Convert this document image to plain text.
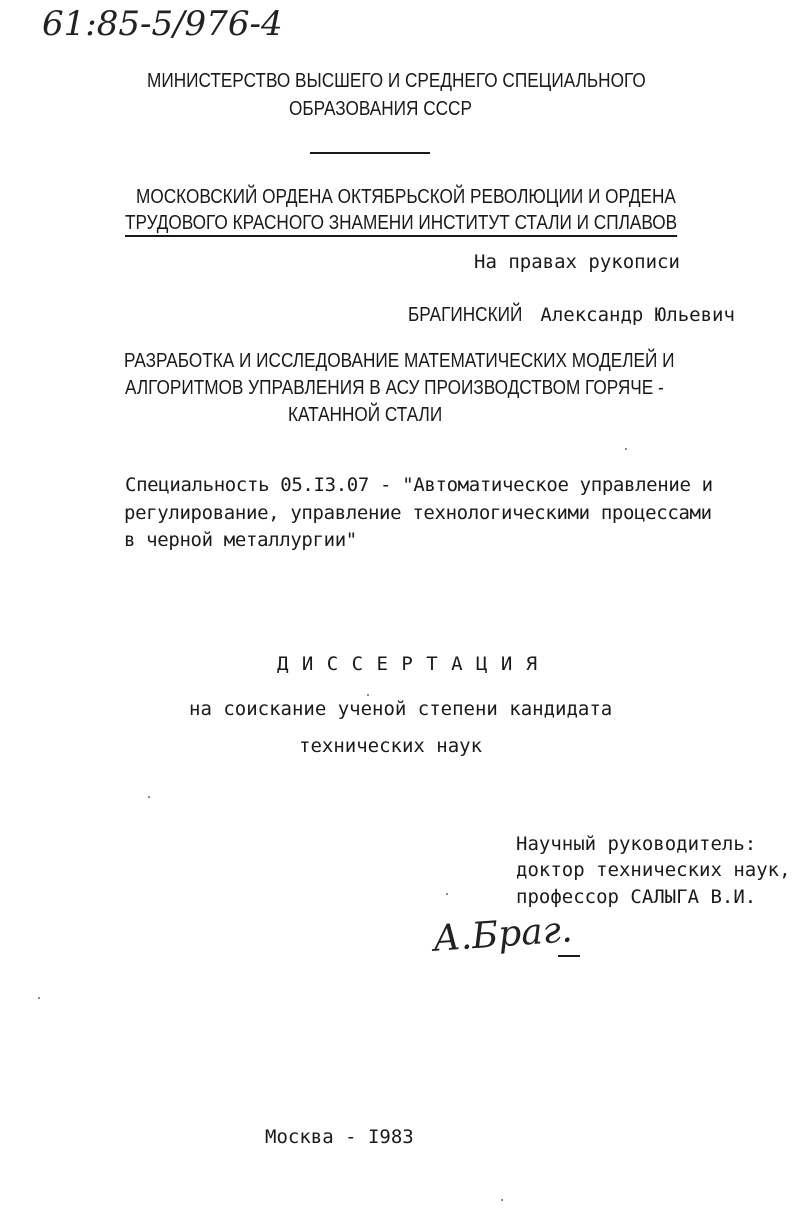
61:85-5/976-4
МИНИСТЕРСТВО ВЫСШЕГО И СРЕДНЕГО СПЕЦИАЛЬНОГО
ОБРАЗОВАНИЯ СССР
МОСКОВСКИЙ ОРДЕНА ОКТЯБРЬСКОЙ РЕВОЛЮЦИИ И ОРДЕНА
ТРУДОВОГО КРАСНОГО ЗНАМЕНИ ИНСТИТУТ СТАЛИ И СПЛАВОВ
На правах рукописи
БРАГИНСКИЙ Александр Юльевич
РАЗРАБОТКА И ИССЛЕДОВАНИЕ МАТЕМАТИЧЕСКИХ МОДЕЛЕЙ И
АЛГОРИТМОВ УПРАВЛЕНИЯ В АСУ ПРОИЗВОДСТВОМ ГОРЯЧЕ -
КАТАННОЙ СТАЛИ
Специальность 05.I3.07 - "Автоматическое управление и
регулирование, управление технологическими процессами
в черной металлургии"
Д И С С Е Р Т А Ц И Я
на соискание ученой степени кандидата
технических наук
Научный руководитель:
доктор технических наук,
профессор САЛЫГА В.И.
А.Браг.
Москва - I983
